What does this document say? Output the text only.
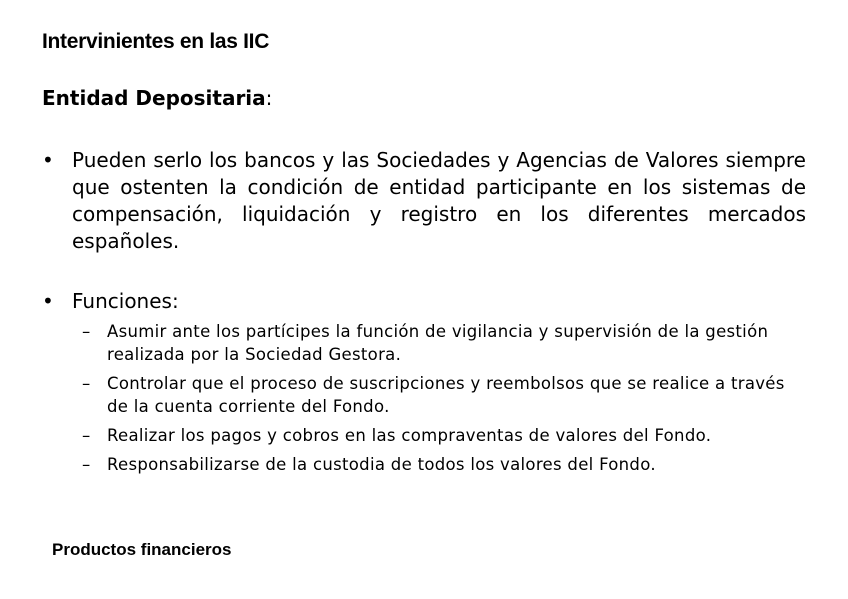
Intervinientes en las IIC

Entidad Depositaria:

• Pueden serlo los bancos y las Sociedades y Agencias de Valores siempre que ostenten la condición de entidad participante en los sistemas de compensación, liquidación y registro en los diferentes mercados españoles.
• Funciones:
– Asumir ante los partícipes la función de vigilancia y supervisión de la gestión realizada por la Sociedad Gestora.
– Controlar que el proceso de suscripciones y reembolsos que se realice a través de la cuenta corriente del Fondo.
– Realizar los pagos y cobros en las compraventas de valores del Fondo.
– Responsabilizarse de la custodia de todos los valores del Fondo.

Productos financieros
